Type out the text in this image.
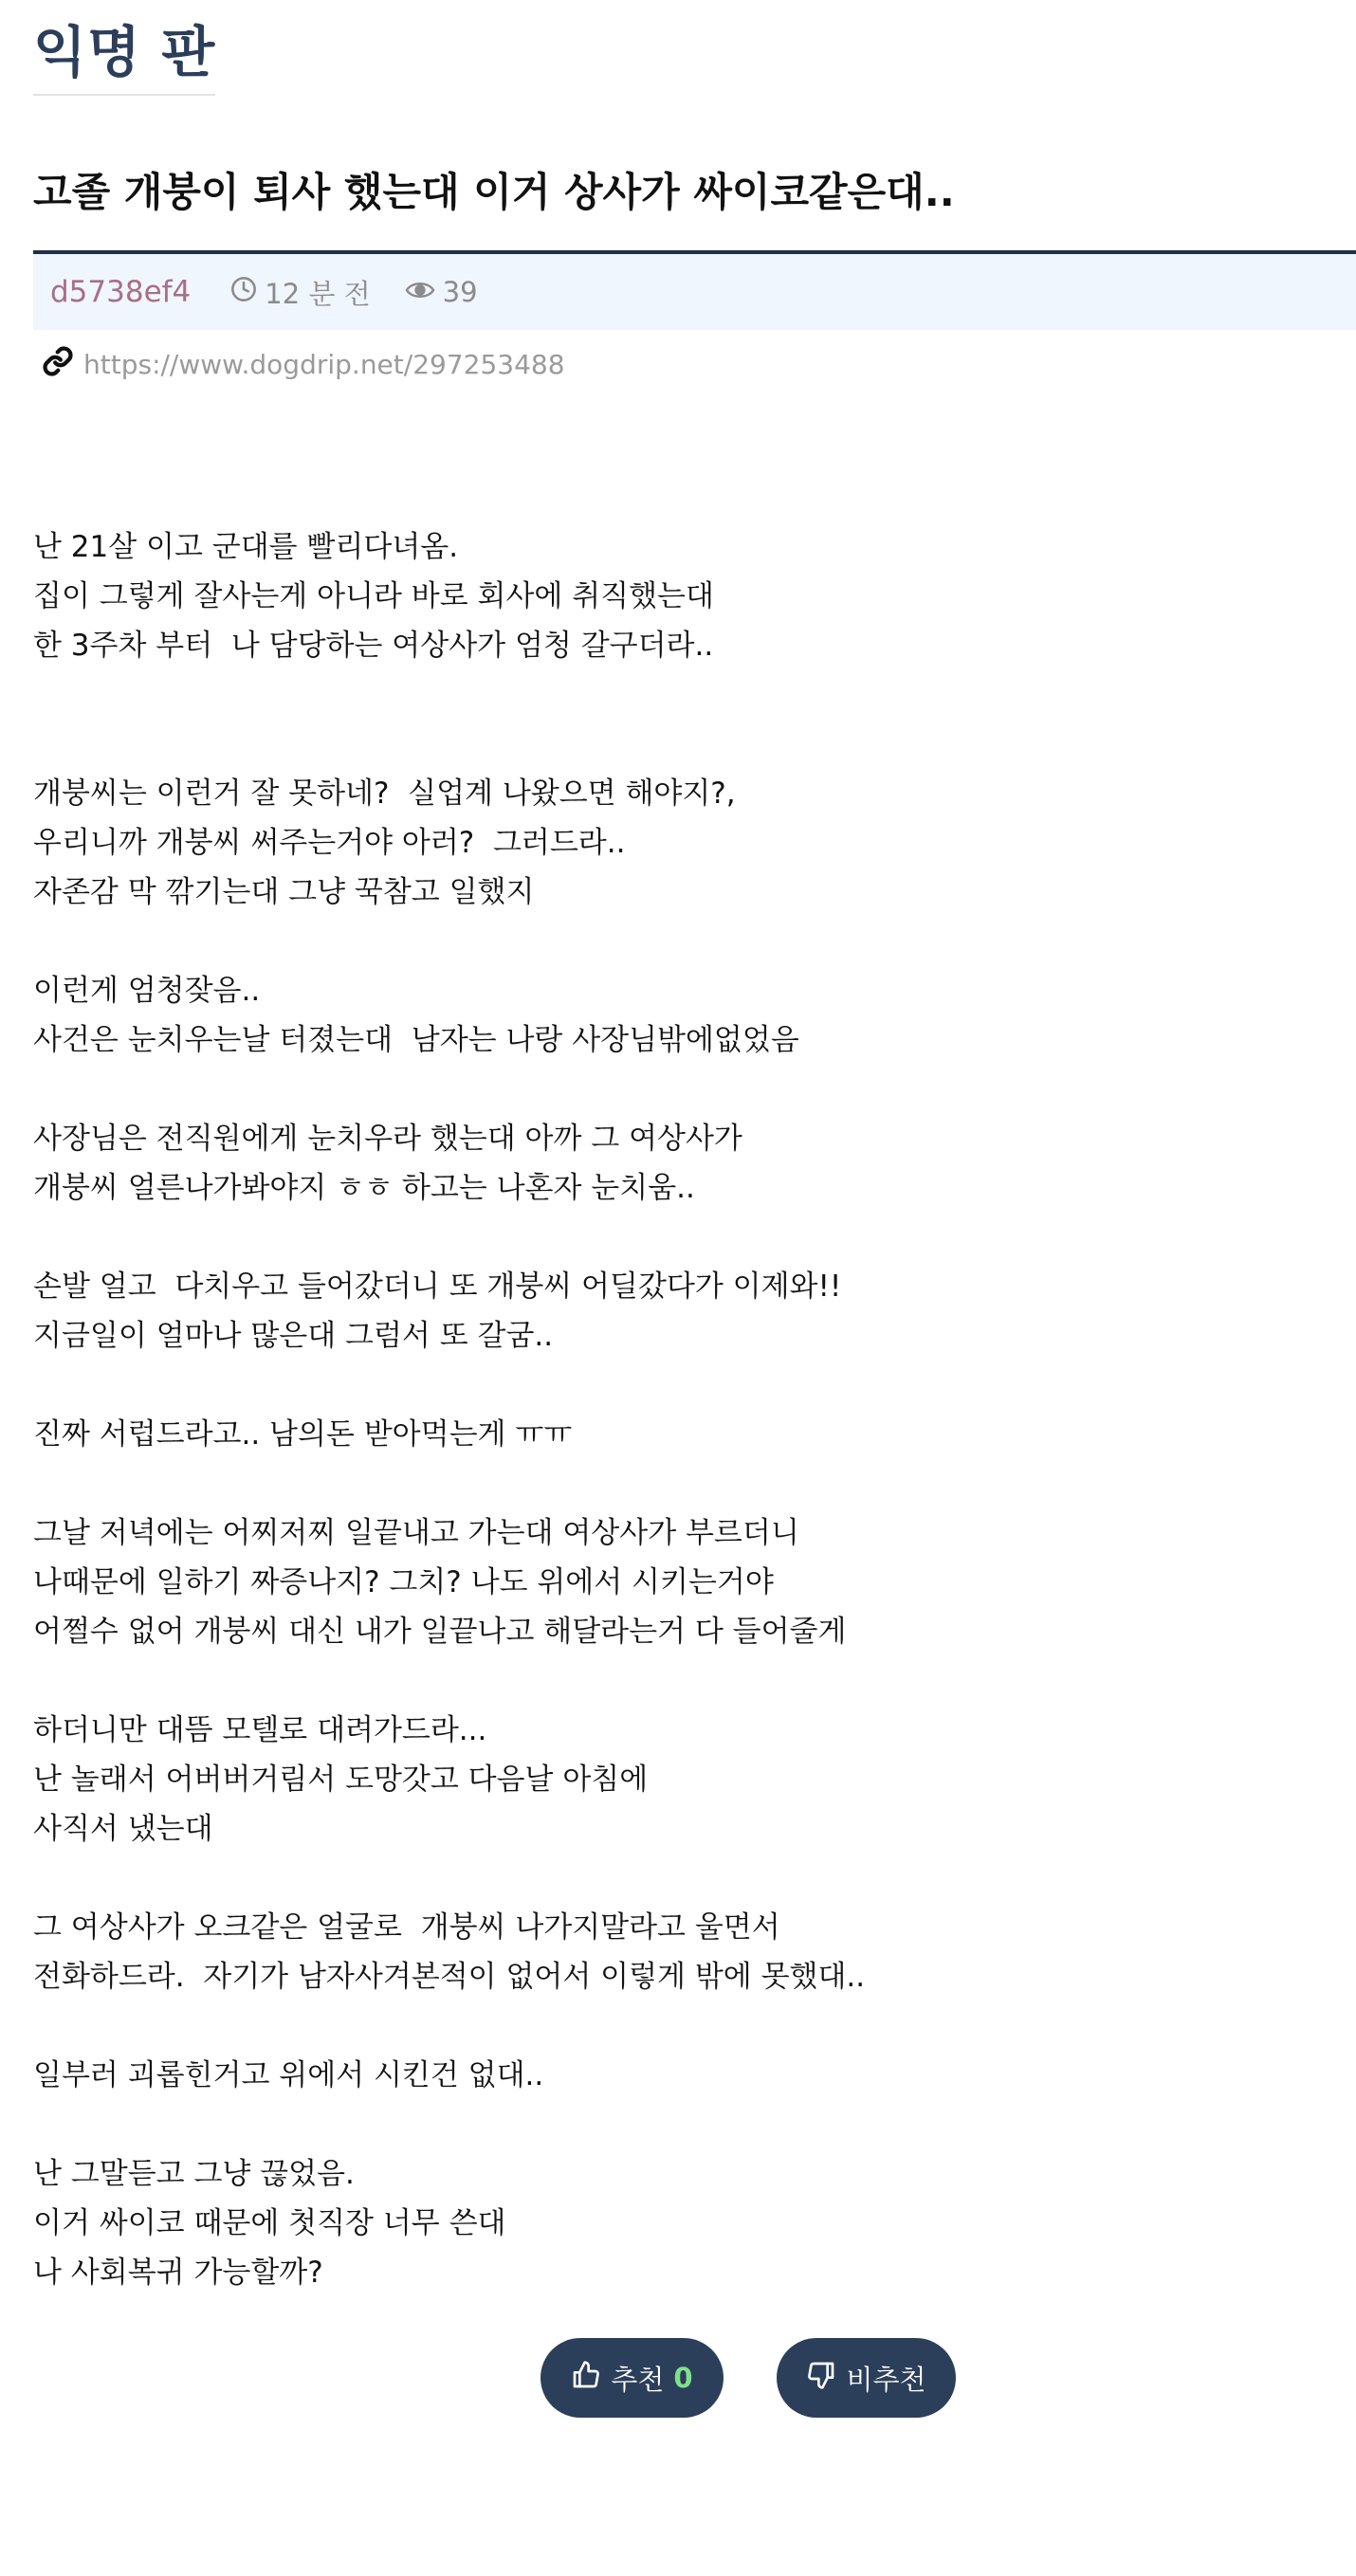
익명 판
고졸 개붕이 퇴사 했는대 이거 상사가 싸이코같은대..
d5738ef4	12 분 전	39
https://www.dogdrip.net/297253488

난 21살 이고 군대를 빨리다녀옴.

집이 그렇게 잘사는게 아니라 바로 회사에 취직했는대

한 3주차 부터  나 담당하는 여상사가 엄청 갈구더라..

개붕씨는 이런거 잘 못하네?  실업계 나왔으면 해야지?,

우리니까 개붕씨 써주는거야 아러?  그러드라..

자존감 막 깎기는대 그냥 꾹참고 일했지

이런게 엄청잦음..

사건은 눈치우는날 터졌는대  남자는 나랑 사장님밖에없었음

사장님은 전직원에게 눈치우라 했는대 아까 그 여상사가

개붕씨 얼른나가봐야지 ㅎㅎ 하고는 나혼자 눈치움..

손발 얼고  다치우고 들어갔더니 또 개붕씨 어딜갔다가 이제와!!

지금일이 얼마나 많은대 그럼서 또 갈굼..

진짜 서럽드라고.. 남의돈 받아먹는게 ㅠㅠ

그날 저녁에는 어찌저찌 일끝내고 가는대 여상사가 부르더니

나때문에 일하기 짜증나지? 그치? 나도 위에서 시키는거야

어쩔수 없어 개붕씨 대신 내가 일끝나고 해달라는거 다 들어줄게

하더니만 대뜸 모텔로 대려가드라...

난 놀래서 어버버거림서 도망갓고 다음날 아침에

사직서 냈는대

그 여상사가 오크같은 얼굴로  개붕씨 나가지말라고 울면서

전화하드라.  자기가 남자사겨본적이 없어서 이렇게 밖에 못했대..

일부러 괴롭힌거고 위에서 시킨건 없대..

난 그말듣고 그냥 끊었음.

이거 싸이코 때문에 첫직장 너무 쓴대

나 사회복귀 가능할까?

추천 0	비추천
